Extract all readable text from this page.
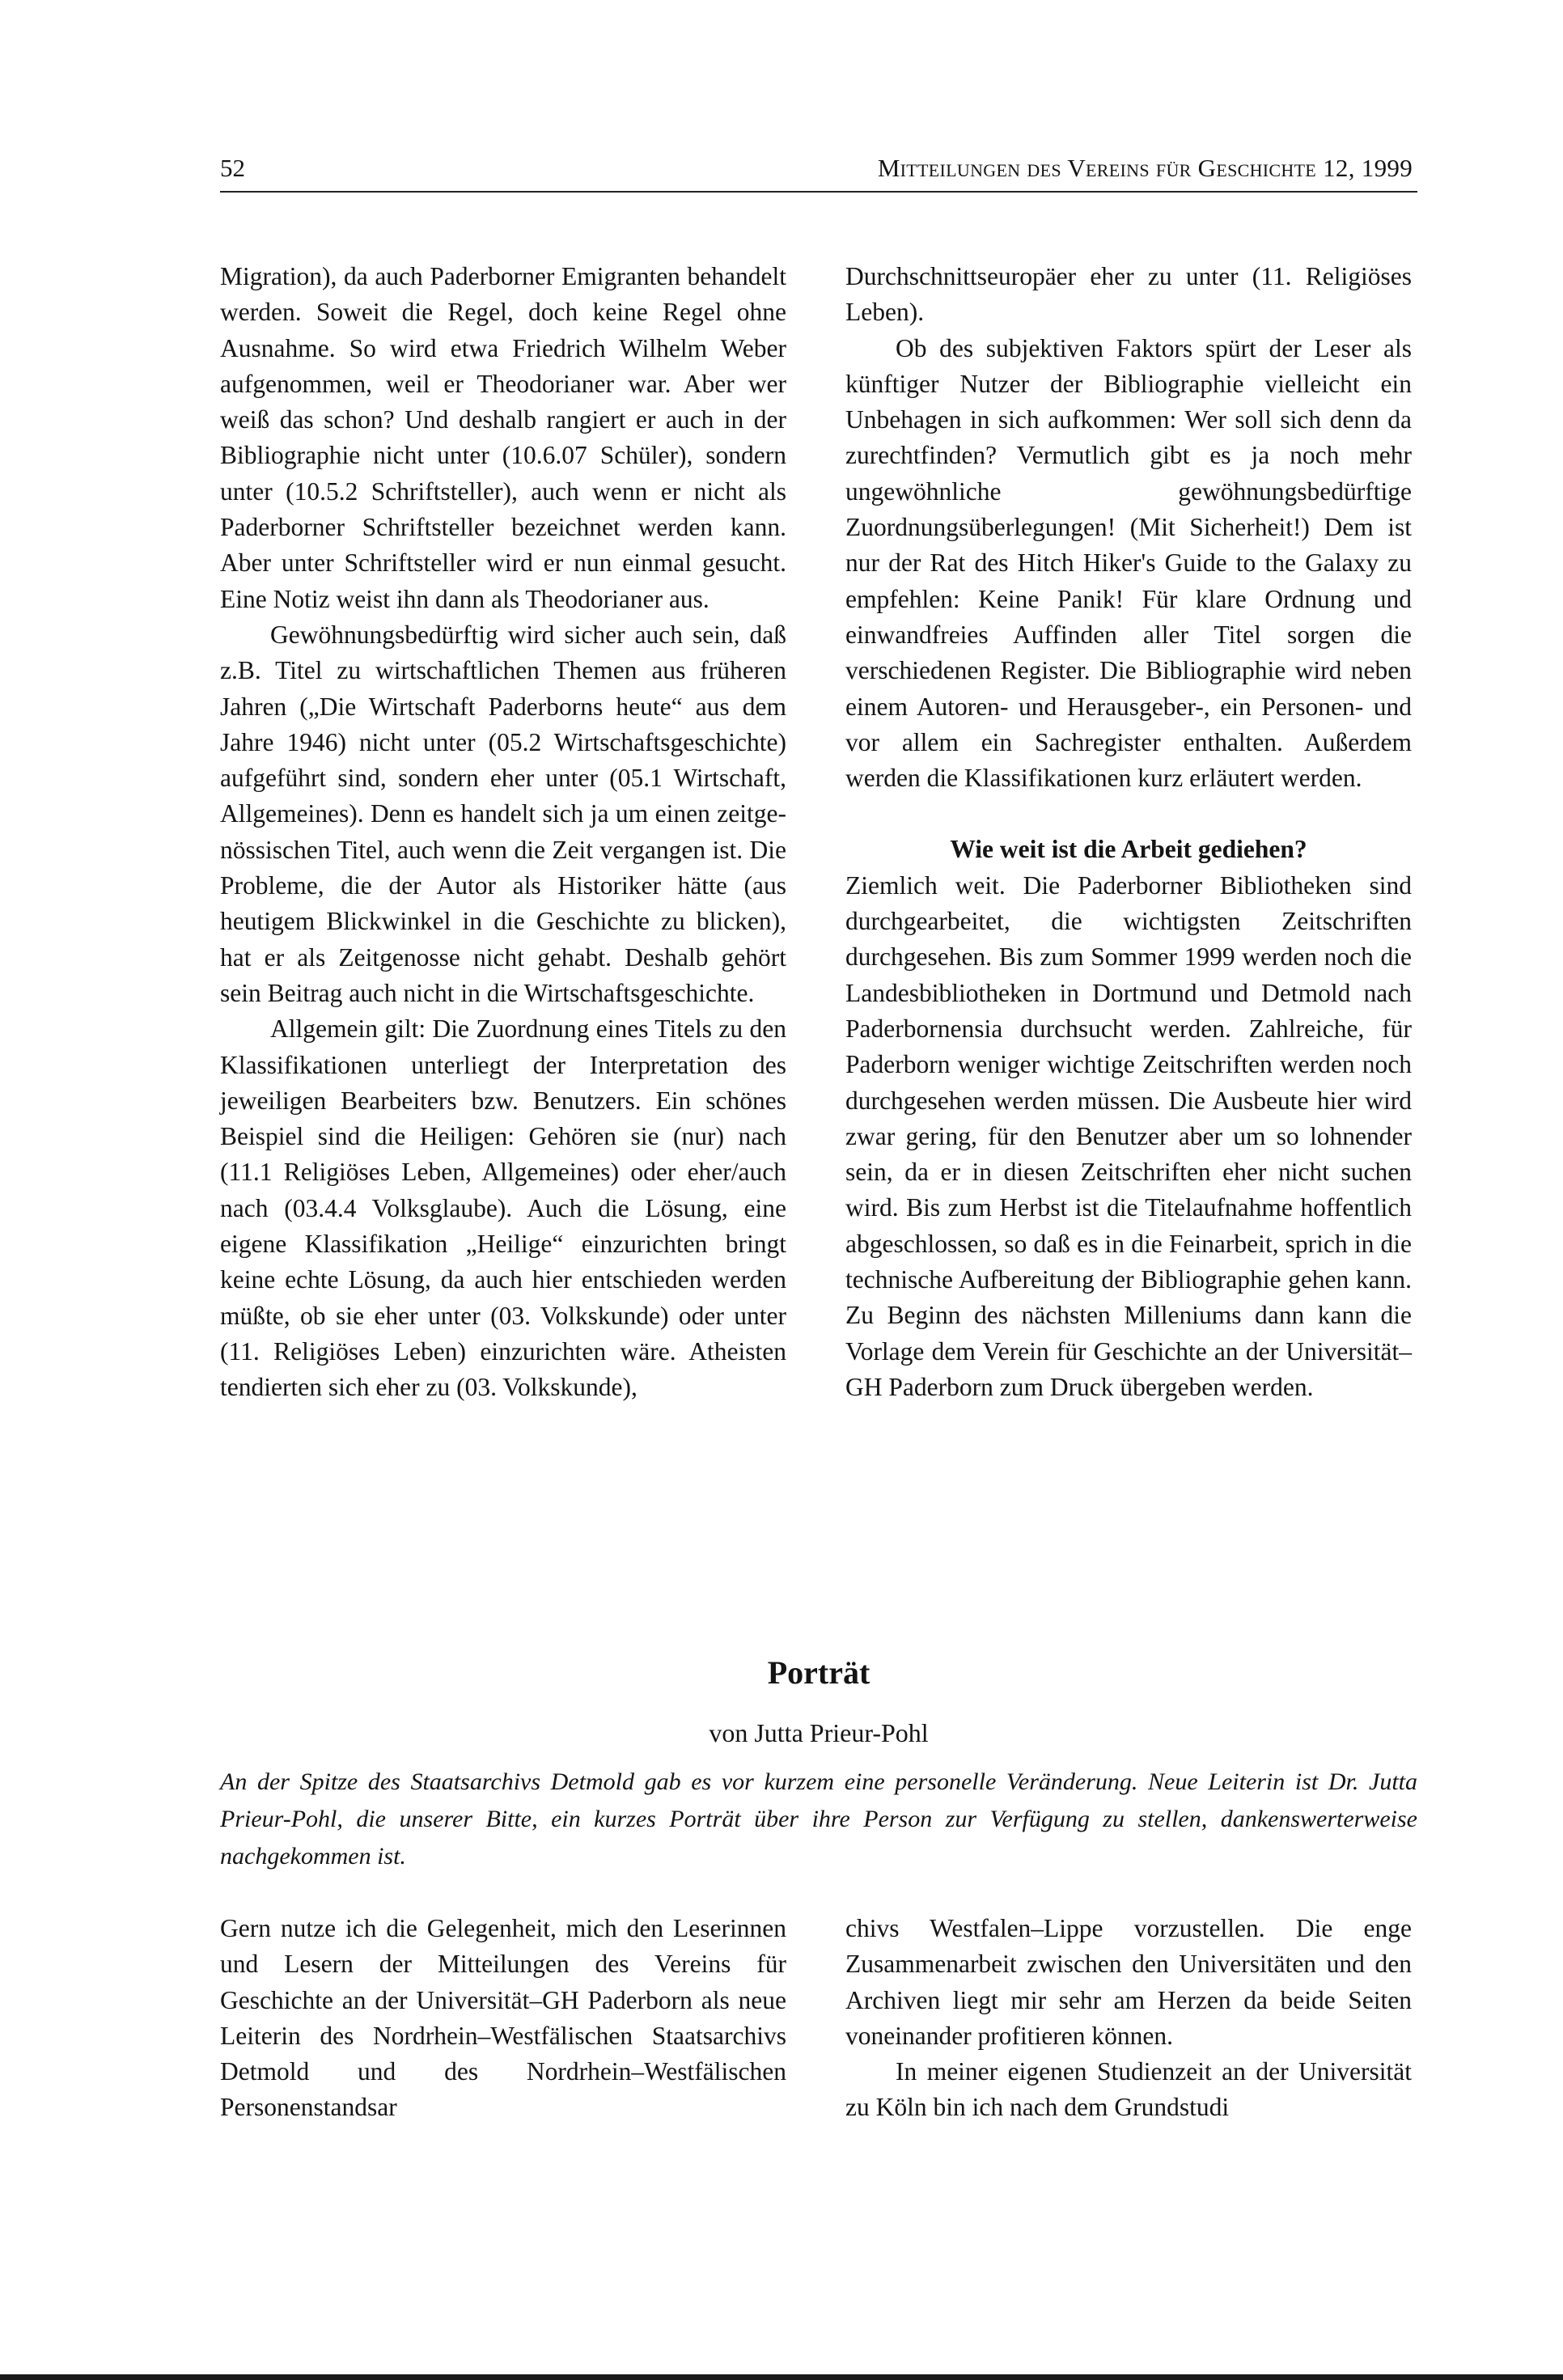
52	Mitteilungen des Vereins für Geschichte 12, 1999

Migration), da auch Paderborner Emigranten behandelt werden. Soweit die Regel, doch keine Regel ohne Ausnahme. So wird etwa Friedrich Wilhelm Weber aufgenommen, weil er Theodorianer war. Aber wer weiß das schon? Und deshalb rangiert er auch in der Bibliographie nicht unter (10.6.07 Schüler), sondern unter (10.5.2 Schriftsteller), auch wenn er nicht als Paderborner Schriftsteller bezeichnet werden kann. Aber unter Schriftsteller wird er nun einmal gesucht. Eine Notiz weist ihn dann als Theodorianer aus.

Gewöhnungsbedürftig wird sicher auch sein, daß z.B. Titel zu wirtschaftlichen Themen aus früheren Jahren („Die Wirtschaft Paderborns heute“ aus dem Jahre 1946) nicht unter (05.2 Wirtschaftsgeschichte) aufgeführt sind, sondern eher unter (05.1 Wirtschaft, Allgemeines). Denn es handelt sich ja um einen zeitgenössischen Titel, auch wenn die Zeit vergangen ist. Die Probleme, die der Autor als Historiker hätte (aus heutigem Blickwinkel in die Geschichte zu blicken), hat er als Zeitgenosse nicht gehabt. Deshalb gehört sein Beitrag auch nicht in die Wirtschaftsgeschichte.

Allgemein gilt: Die Zuordnung eines Titels zu den Klassifikationen unterliegt der Interpretation des jeweiligen Bearbeiters bzw. Benutzers. Ein schönes Beispiel sind die Heiligen: Gehören sie (nur) nach (11.1 Religiöses Leben, Allgemeines) oder eher/auch nach (03.4.4 Volksglaube). Auch die Lösung, eine eigene Klassifikation „Heilige“ einzurichten bringt keine echte Lösung, da auch hier entschieden werden müßte, ob sie eher unter (03. Volkskunde) oder unter (11. Religiöses Leben) einzurichten wäre. Atheisten tendierten sich eher zu (03. Volkskunde),

Durchschnittseuropäer eher zu unter (11. Religiöses Leben).

Ob des subjektiven Faktors spürt der Leser als künftiger Nutzer der Bibliographie vielleicht ein Unbehagen in sich aufkommen: Wer soll sich denn da zurechtfinden? Vermutlich gibt es ja noch mehr ungewöhnliche gewöhnungsbedürftige Zuordnungsüberlegungen! (Mit Sicherheit!) Dem ist nur der Rat des Hitch Hiker's Guide to the Galaxy zu empfehlen: Keine Panik! Für klare Ordnung und einwandfreies Auffinden aller Titel sorgen die verschiedenen Register. Die Bibliographie wird neben einem Autoren- und Herausgeber-, ein Personen- und vor allem ein Sachregister enthalten. Außerdem werden die Klassifikationen kurz erläutert werden.

Wie weit ist die Arbeit gediehen?

Ziemlich weit. Die Paderborner Bibliotheken sind durchgearbeitet, die wichtigsten Zeitschriften durchgesehen. Bis zum Sommer 1999 werden noch die Landesbibliotheken in Dortmund und Detmold nach Paderbornensia durchsucht werden. Zahlreiche, für Paderborn weniger wichtige Zeitschriften werden noch durchgesehen werden müssen. Die Ausbeute hier wird zwar gering, für den Benutzer aber um so lohnender sein, da er in diesen Zeitschriften eher nicht suchen wird. Bis zum Herbst ist die Titelaufnahme hoffentlich abgeschlossen, so daß es in die Feinarbeit, sprich in die technische Aufbereitung der Bibliographie gehen kann. Zu Beginn des nächsten Milleniums dann kann die Vorlage dem Verein für Geschichte an der Universität–GH Paderborn zum Druck übergeben werden.

Porträt
von Jutta Prieur-Pohl
An der Spitze des Staatsarchivs Detmold gab es vor kurzem eine personelle Veränderung. Neue Leiterin ist Dr. Jutta Prieur-Pohl, die unserer Bitte, ein kurzes Porträt über ihre Person zur Verfügung zu stellen, dankenswerterweise nachgekommen ist.

Gern nutze ich die Gelegenheit, mich den Leserinnen und Lesern der Mitteilungen des Vereins für Geschichte an der Universität–GH Paderborn als neue Leiterin des Nordrhein–Westfälischen Staatsarchivs Detmold und des Nordrhein–Westfälischen Personenstandsar

chivs Westfalen–Lippe vorzustellen. Die enge Zusammenarbeit zwischen den Universitäten und den Archiven liegt mir sehr am Herzen da beide Seiten voneinander profitieren können.

In meiner eigenen Studienzeit an der Universität zu Köln bin ich nach dem Grundstudi
